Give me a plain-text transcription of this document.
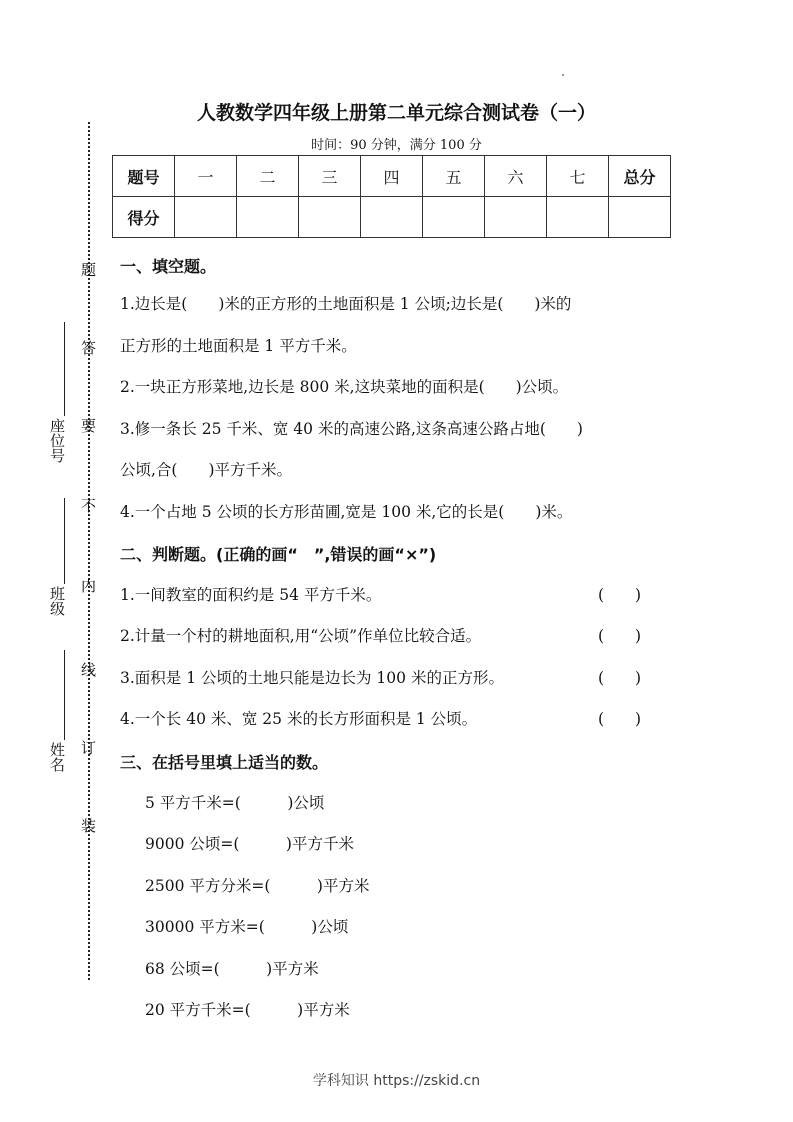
题
答
要
不
内
线
订
装
座位号
班级
姓名
人教数学四年级上册第二单元综合测试卷（一）
时间：90 分钟，满分 100 分
题号	一	二	三	四	五	六	七	总分
得分								
一、填空题。
1.边长是(　　)米的正方形的土地面积是 1 公顷;边长是(　　)米的
正方形的土地面积是 1 平方千米。
2.一块正方形菜地,边长是 800 米,这块菜地的面积是(　　)公顷。
3.修一条长 25 千米、宽 40 米的高速公路,这条高速公路占地(　　)
公顷,合(　　)平方千米。
4.一个占地 5 公顷的长方形苗圃,宽是 100 米,它的长是(　　)米。
二、判断题。(正确的画“　”,错误的画“×”)
1.一间教室的面积约是 54 平方千米。	(　　)
2.计量一个村的耕地面积,用“公顷”作单位比较合适。	(　　)
3.面积是 1 公顷的土地只能是边长为 100 米的正方形。	(　　)
4.一个长 40 米、宽 25 米的长方形面积是 1 公顷。	(　　)
三、在括号里填上适当的数。
5 平方千米=(　　　)公顷
9000 公顷=(　　　)平方千米
2500 平方分米=(　　　)平方米
30000 平方米=(　　　)公顷
68 公顷=(　　　)平方米
20 平方千米=(　　　)平方米
学科知识 https://zskid.cn
